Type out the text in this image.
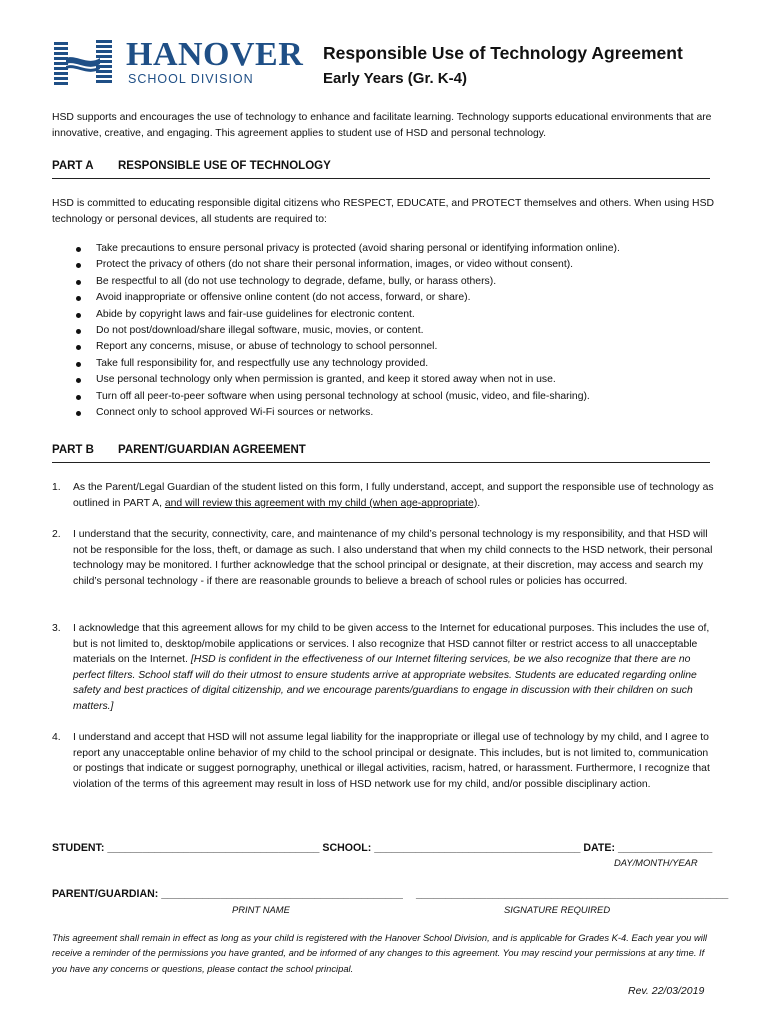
HANOVER
SCHOOL DIVISION
Responsible Use of Technology Agreement
Early Years (Gr. K-4)
HSD supports and encourages the use of technology to enhance and facilitate learning. Technology supports educational environments that are innovative, creative, and engaging. This agreement applies to student use of HSD and personal technology.
PART A RESPONSIBLE USE OF TECHNOLOGY
HSD is committed to educating responsible digital citizens who RESPECT, EDUCATE, and PROTECT themselves and others. When using HSD technology or personal devices, all students are required to:
Take precautions to ensure personal privacy is protected (avoid sharing personal or identifying information online).
Protect the privacy of others (do not share their personal information, images, or video without consent).
Be respectful to all (do not use technology to degrade, defame, bully, or harass others).
Avoid inappropriate or offensive online content (do not access, forward, or share).
Abide by copyright laws and fair-use guidelines for electronic content.
Do not post/download/share illegal software, music, movies, or content.
Report any concerns, misuse, or abuse of technology to school personnel.
Take full responsibility for, and respectfully use any technology provided.
Use personal technology only when permission is granted, and keep it stored away when not in use.
Turn off all peer-to-peer software when using personal technology at school (music, video, and file-sharing).
Connect only to school approved Wi-Fi sources or networks.
PART B PARENT/GUARDIAN AGREEMENT
1. As the Parent/Legal Guardian of the student listed on this form, I fully understand, accept, and support the responsible use of technology as outlined in PART A, and will review this agreement with my child (when age-appropriate).
2. I understand that the security, connectivity, care, and maintenance of my child’s personal technology is my responsibility, and that HSD will not be responsible for the loss, theft, or damage as such. I also understand that when my child connects to the HSD network, their personal technology may be monitored. I further acknowledge that the school principal or designate, at their discretion, may access and search my child’s personal technology - if there are reasonable grounds to believe a breach of school rules or policies has occurred.
3. I acknowledge that this agreement allows for my child to be given access to the Internet for educational purposes. This includes the use of, but is not limited to, desktop/mobile applications or services. I also recognize that HSD cannot filter or restrict access to all unacceptable materials on the Internet. [HSD is confident in the effectiveness of our Internet filtering services, be we also recognize that there are no perfect filters. School staff will do their utmost to ensure students arrive at appropriate websites. Students are educated regarding online safety and best practices of digital citizenship, and we encourage parents/guardians to engage in discussion with their children on such matters.]
4. I understand and accept that HSD will not assume legal liability for the inappropriate or illegal use of technology by my child, and I agree to report any unacceptable online behavior of my child to the school principal or designate. This includes, but is not limited to, communication or postings that indicate or suggest pornography, unethical or illegal activities, racism, hatred, or harassment. Furthermore, I recognize that violation of the terms of this agreement may result in loss of HSD network use for my child, and/or possible disciplinary action.
STUDENT: ____________________________________ SCHOOL: ___________________________________ DATE: ________________
DAY/MONTH/YEAR
PARENT/GUARDIAN: _________________________________________ _____________________________________________________
PRINT NAME	SIGNATURE REQUIRED
This agreement shall remain in effect as long as your child is registered with the Hanover School Division, and is applicable for Grades K-4. Each year you will receive a reminder of the permissions you have granted, and be informed of any changes to this agreement. You may rescind your permissions at any time. If you have any concerns or questions, please contact the school principal.
Rev. 22/03/2019
